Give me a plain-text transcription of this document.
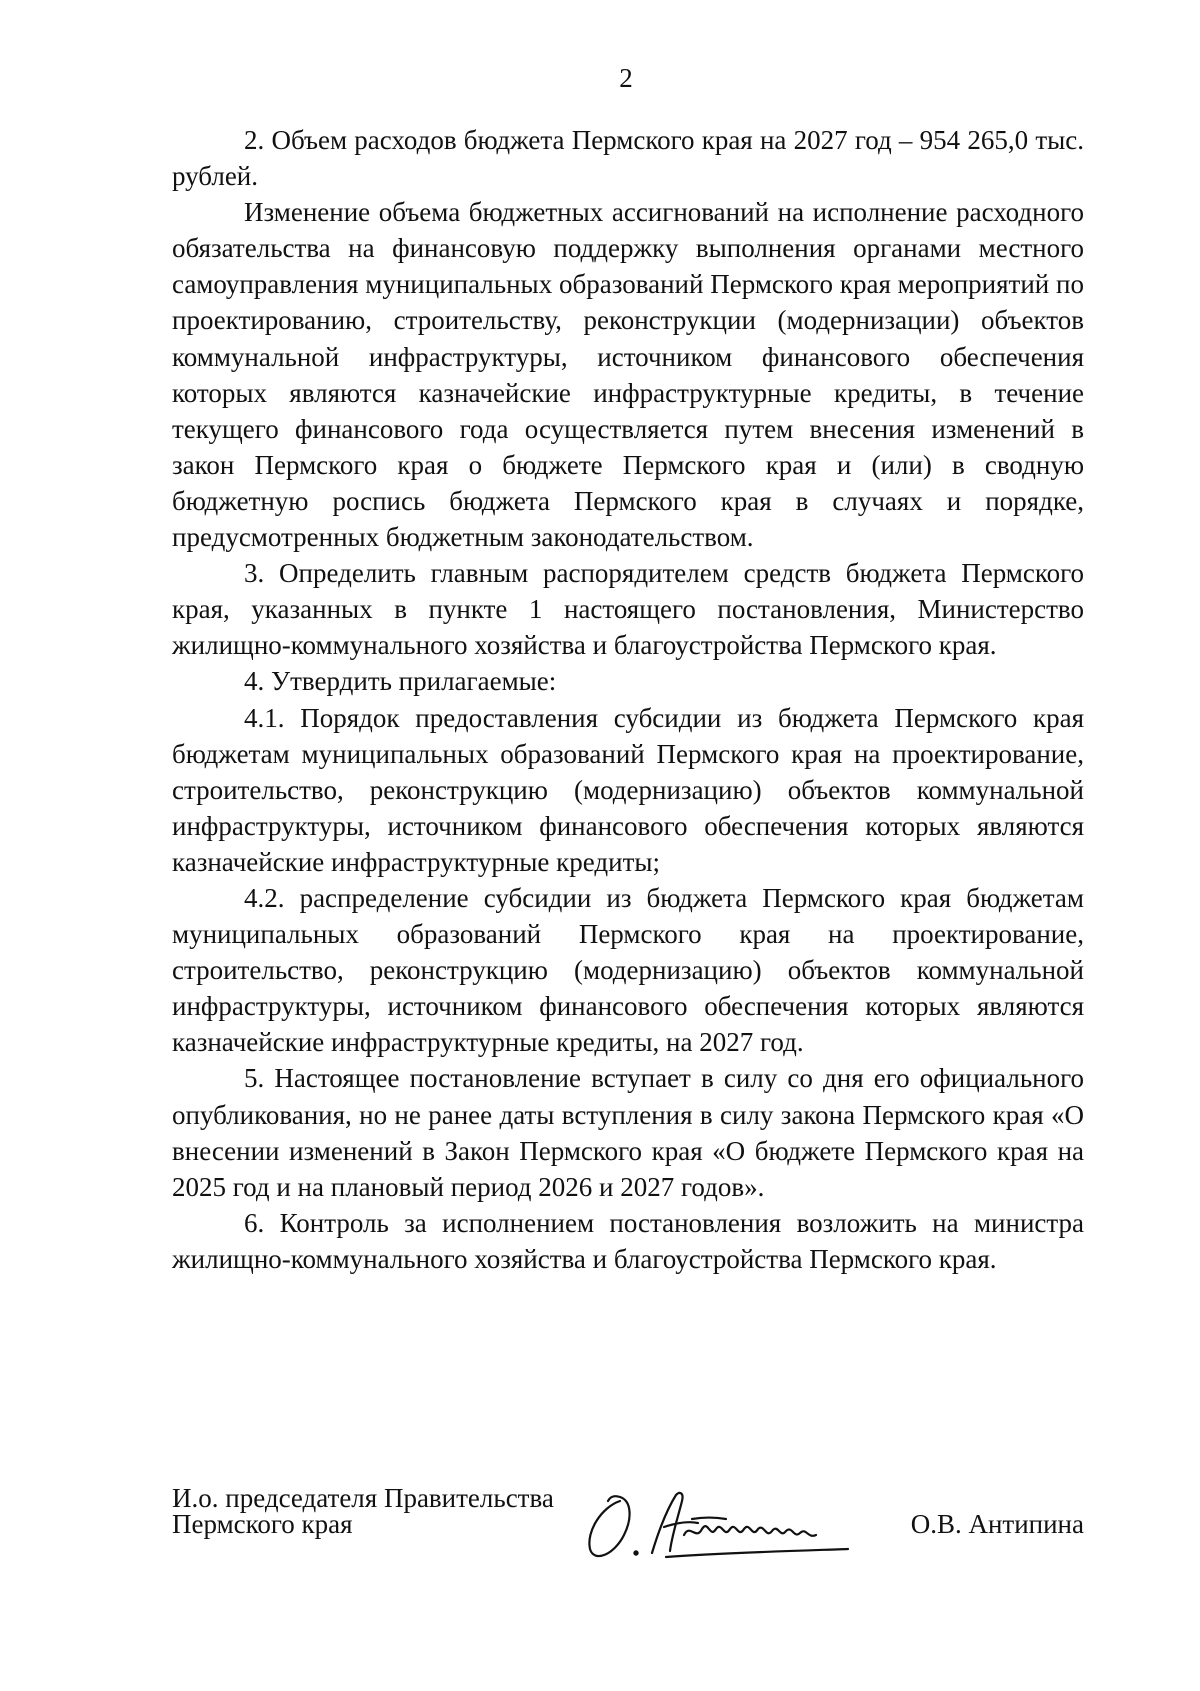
2

2. Объем расходов бюджета Пермского края на 2027 год – 954 265,0 тыс. рублей.

Изменение объема бюджетных ассигнований на исполнение расходного обязательства на финансовую поддержку выполнения органами местного самоуправления муниципальных образований Пермского края мероприятий по проектированию, строительству, реконструкции (модернизации) объектов коммунальной инфраструктуры, источником финансового обеспечения которых являются казначейские инфраструктурные кредиты, в течение текущего финансового года осуществляется путем внесения изменений в закон Пермского края о бюджете Пермского края и (или) в сводную бюджетную роспись бюджета Пермского края в случаях и порядке, предусмотренных бюджетным законодательством.

3. Определить главным распорядителем средств бюджета Пермского края, указанных в пункте 1 настоящего постановления, Министерство жилищно-коммунального хозяйства и благоустройства Пермского края.

4. Утвердить прилагаемые:

4.1. Порядок предоставления субсидии из бюджета Пермского края бюджетам муниципальных образований Пермского края на проектирование, строительство, реконструкцию (модернизацию) объектов коммунальной инфраструктуры, источником финансового обеспечения которых являются казначейские инфраструктурные кредиты;

4.2. распределение субсидии из бюджета Пермского края бюджетам муниципальных образований Пермского края на проектирование, строительство, реконструкцию (модернизацию) объектов коммунальной инфраструктуры, источником финансового обеспечения которых являются казначейские инфраструктурные кредиты, на 2027 год.

5. Настоящее постановление вступает в силу со дня его официального опубликования, но не ранее даты вступления в силу закона Пермского края «О внесении изменений в Закон Пермского края «О бюджете Пермского края на 2025 год и на плановый период 2026 и 2027 годов».

6. Контроль за исполнением постановления возложить на министра жилищно-коммунального хозяйства и благоустройства Пермского края.

И.о. председателя Правительства
Пермского края	О.В. Антипина
